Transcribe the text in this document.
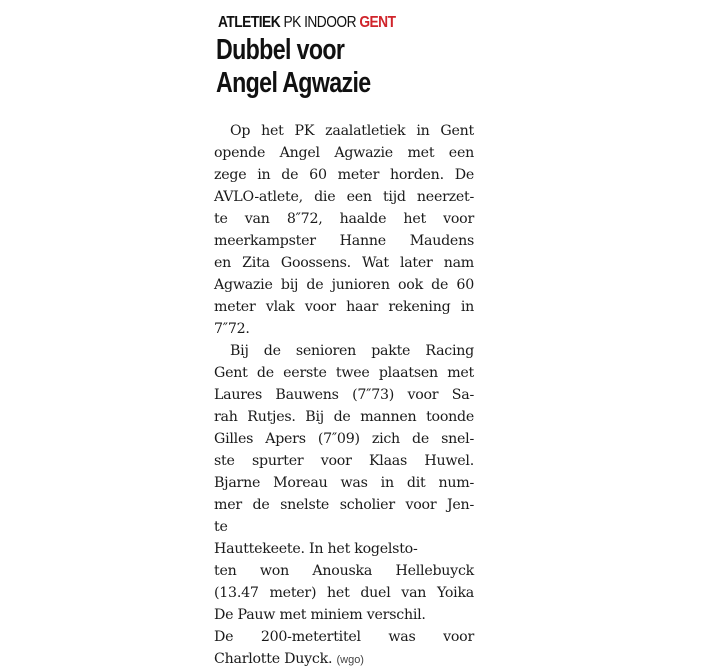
ATLETIEK PK INDOOR GENT
Dubbel voor
Angel Agwazie
Op het PK zaalatletiek in Gent
opende Angel Agwazie met een
zege in de 60 meter horden. De
AVLO-atlete, die een tijd neerzet-
te van 8″72, haalde het voor
meerkampster Hanne Maudens
en Zita Goossens. Wat later nam
Agwazie bij de junioren ook de 60
meter vlak voor haar rekening in
7″72.
Bij de senioren pakte Racing
Gent de eerste twee plaatsen met
Laures Bauwens (7″73) voor Sa-
rah Rutjes. Bij de mannen toonde
Gilles Apers (7″09) zich de snel-
ste spurter voor Klaas Huwel.
Bjarne Moreau was in dit num-
mer de snelste scholier voor Jen-
te
Hauttekeete. In het kogelsto-
ten won Anouska Hellebuyck
(13.47 meter) het duel van Yoika
De Pauw met miniem verschil.
De 200-metertitel was voor
Charlotte Duyck. (wgo)
